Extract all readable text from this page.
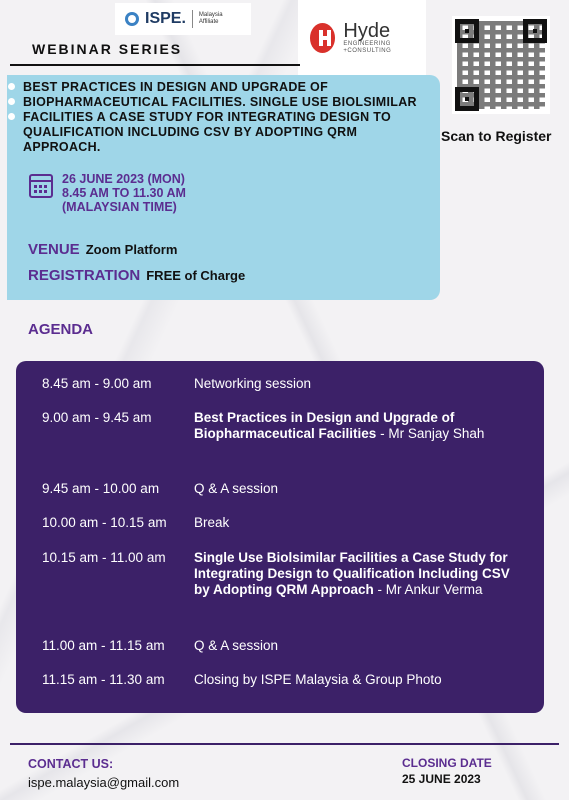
ISPE. Malaysia Affiliate	Hyde
ENGINEERING +CONSULTING
Scan to Register
WEBINAR SERIES
BEST PRACTICES IN DESIGN AND UPGRADE OF BIOPHARMACEUTICAL FACILITIES. SINGLE USE BIOLSIMILAR FACILITIES A CASE STUDY FOR INTEGRATING DESIGN TO QUALIFICATION INCLUDING CSV BY ADOPTING QRM APPROACH.
26 JUNE 2023 (MON)
8.45 AM TO 11.30 AM
(MALAYSIAN TIME)
VENUE Zoom Platform
REGISTRATION FREE of Charge
AGENDA
8.45 am - 9.00 am	Networking session
9.00 am - 9.45 am	Best Practices in Design and Upgrade of Biopharmaceutical Facilities - Mr Sanjay Shah
9.45 am - 10.00 am	Q & A session
10.00 am - 10.15 am	Break
10.15 am - 11.00 am	Single Use Biolsimilar Facilities a Case Study for Integrating Design to Qualification Including CSV by Adopting QRM Approach - Mr Ankur Verma
11.00 am - 11.15 am	Q & A session
11.15 am - 11.30 am	Closing by ISPE Malaysia & Group Photo
CONTACT US:
ispe.malaysia@gmail.com
CLOSING DATE
25 JUNE 2023
